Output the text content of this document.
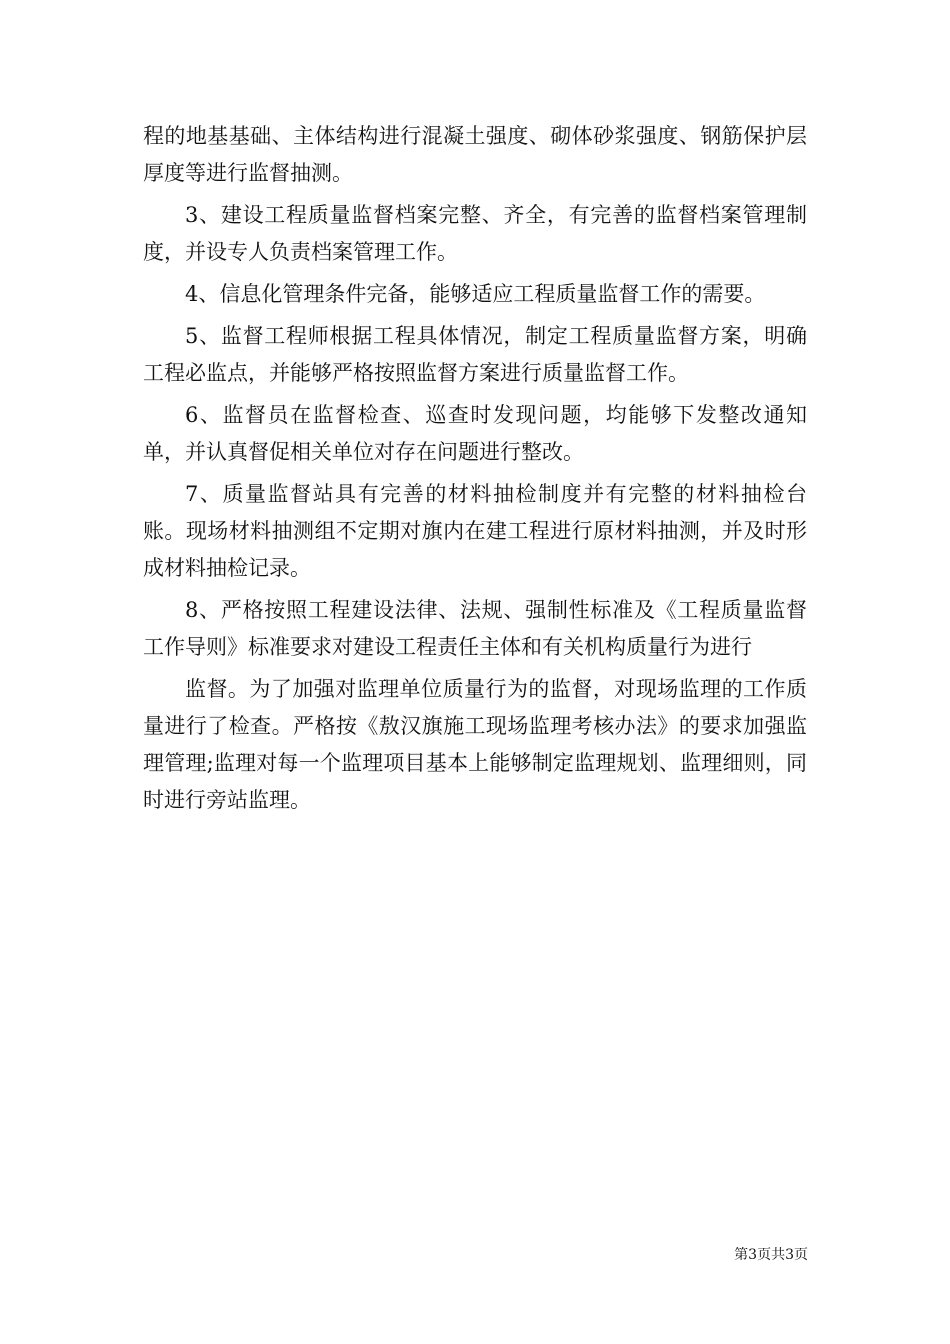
程的地基基础、主体结构进行混凝土强度、砌体砂浆强度、钢筋保护层厚度等进行监督抽测。

3、建设工程质量监督档案完整、齐全，有完善的监督档案管理制度，并设专人负责档案管理工作。

4、信息化管理条件完备，能够适应工程质量监督工作的需要。

5、监督工程师根据工程具体情况，制定工程质量监督方案，明确工程必监点，并能够严格按照监督方案进行质量监督工作。

6、监督员在监督检查、巡查时发现问题，均能够下发整改通知单，并认真督促相关单位对存在问题进行整改。

7、质量监督站具有完善的材料抽检制度并有完整的材料抽检台账。现场材料抽测组不定期对旗内在建工程进行原材料抽测，并及时形成材料抽检记录。

8、严格按照工程建设法律、法规、强制性标准及《工程质量监督工作导则》标准要求对建设工程责任主体和有关机构质量行为进行

监督。为了加强对监理单位质量行为的监督，对现场监理的工作质量进行了检查。严格按《敖汉旗施工现场监理考核办法》的要求加强监理管理;监理对每一个监理项目基本上能够制定监理规划、监理细则，同时进行旁站监理。

第3页共3页
